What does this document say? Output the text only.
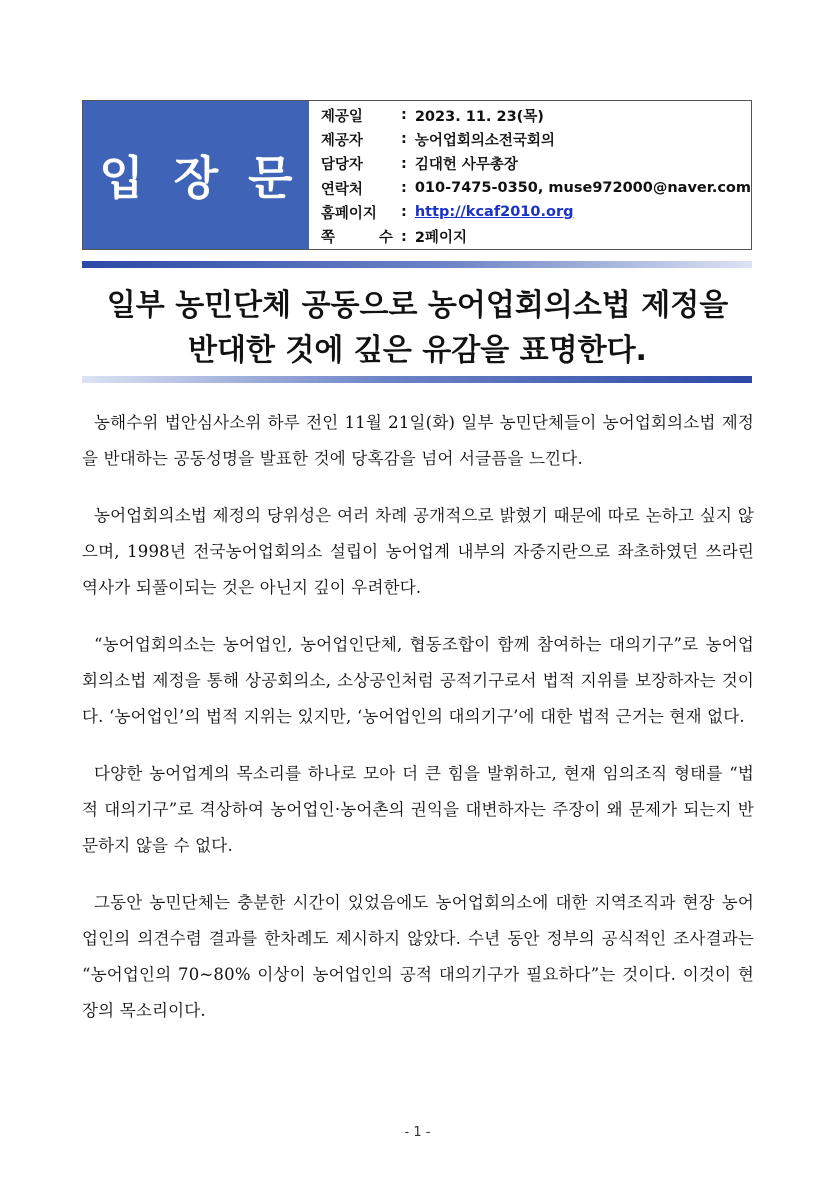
입장문
제공일	: 2023. 11. 23(목)
제공자	: 농어업회의소전국회의
담당자	: 김대헌 사무총장
연락처	: 010-7475-0350, muse972000@naver.com
홈페이지	: http://kcaf2010.org
쪽 수 : 2페이지
일부 농민단체 공동으로 농어업회의소법 제정을
반대한 것에 깊은 유감을 표명한다.

농해수위 법안심사소위 하루 전인 11월 21일(화) 일부 농민단체들이 농어업회의소법 제정을 반대하는 공동성명을 발표한 것에 당혹감을 넘어 서글픔을 느낀다.

농어업회의소법 제정의 당위성은 여러 차례 공개적으로 밝혔기 때문에 따로 논하고 싶지 않으며, 1998년 전국농어업회의소 설립이 농어업계 내부의 자중지란으로 좌초하였던 쓰라린 역사가 되풀이되는 것은 아닌지 깊이 우려한다.

“농어업회의소는 농어업인, 농어업인단체, 협동조합이 함께 참여하는 대의기구”로 농어업회의소법 제정을 통해 상공회의소, 소상공인처럼 공적기구로서 법적 지위를 보장하자는 것이다. ‘농어업인’의 법적 지위는 있지만, ‘농어업인의 대의기구’에 대한 법적 근거는 현재 없다.

다양한 농어업계의 목소리를 하나로 모아 더 큰 힘을 발휘하고, 현재 임의조직 형태를 “법적 대의기구”로 격상하여 농어업인·농어촌의 권익을 대변하자는 주장이 왜 문제가 되는지 반문하지 않을 수 없다.

그동안 농민단체는 충분한 시간이 있었음에도 농어업회의소에 대한 지역조직과 현장 농어업인의 의견수렴 결과를 한차례도 제시하지 않았다. 수년 동안 정부의 공식적인 조사결과는 “농어업인의 70~80% 이상이 농어업인의 공적 대의기구가 필요하다”는 것이다. 이것이 현장의 목소리이다.

- 1 -
